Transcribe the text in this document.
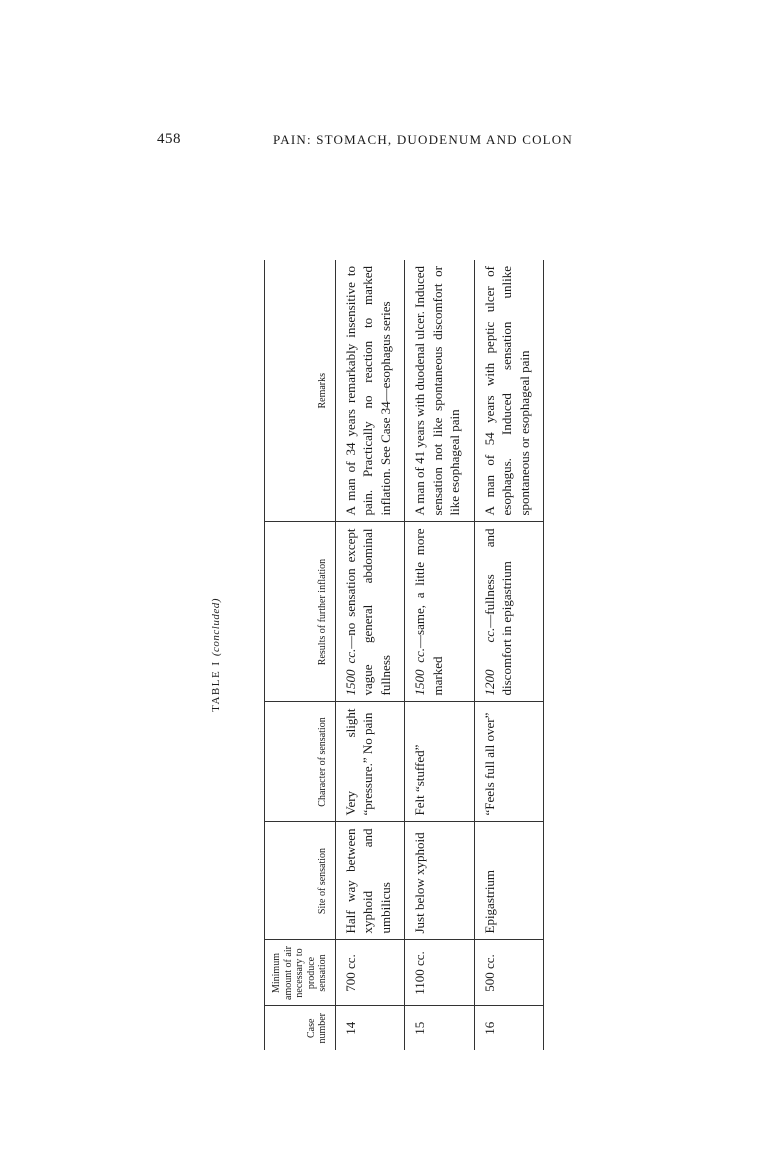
458	PAIN: STOMACH, DUODENUM AND COLON
TABLE I (concluded)
Case number	Minimum amount of air necessary to produce sensation	Site of sensation	Character of sensation	Results of further inflation	Remarks
14	700 cc.	Half way between xyphoid and umbilicus	Very slight “pressure.” No pain	1500 cc.—no sensation except vague general abdominal fullness	A man of 34 years remarkably insensitive to pain. Practically no reaction to marked inflation. See Case 34—esophagus series
15	1100 cc.	Just below xyphoid	Felt “stuffed”	1500 cc.—same, a little more marked	A man of 41 years with duodenal ulcer. Induced sensation not like spontaneous discomfort or like esophageal pain
16	500 cc.	Epigastrium	“Feels full all over”	1200 cc.—fullness and discomfort in epigastrium	A man of 54 years with peptic ulcer of esophagus. Induced sensation unlike spontaneous or esophageal pain
